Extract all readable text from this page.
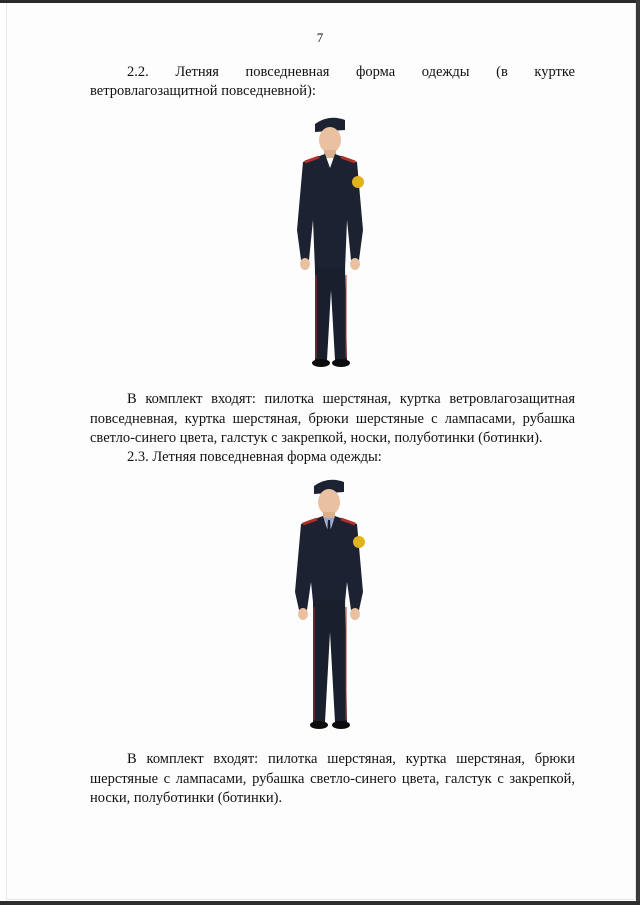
7
2.2. Летняя повседневная форма одежды (в куртке
ветровлагозащитной повседневной):
В комплект входят: пилотка шерстяная, куртка ветровлагозащитная повседневная, куртка шерстяная, брюки шерстяные с лампасами, рубашка светло-синего цвета, галстук с закрепкой, носки, полуботинки (ботинки).
2.3. Летняя повседневная форма одежды:
В комплект входят: пилотка шерстяная, куртка шерстяная, брюки шерстяные с лампасами, рубашка светло-синего цвета, галстук с закрепкой, носки, полуботинки (ботинки).
